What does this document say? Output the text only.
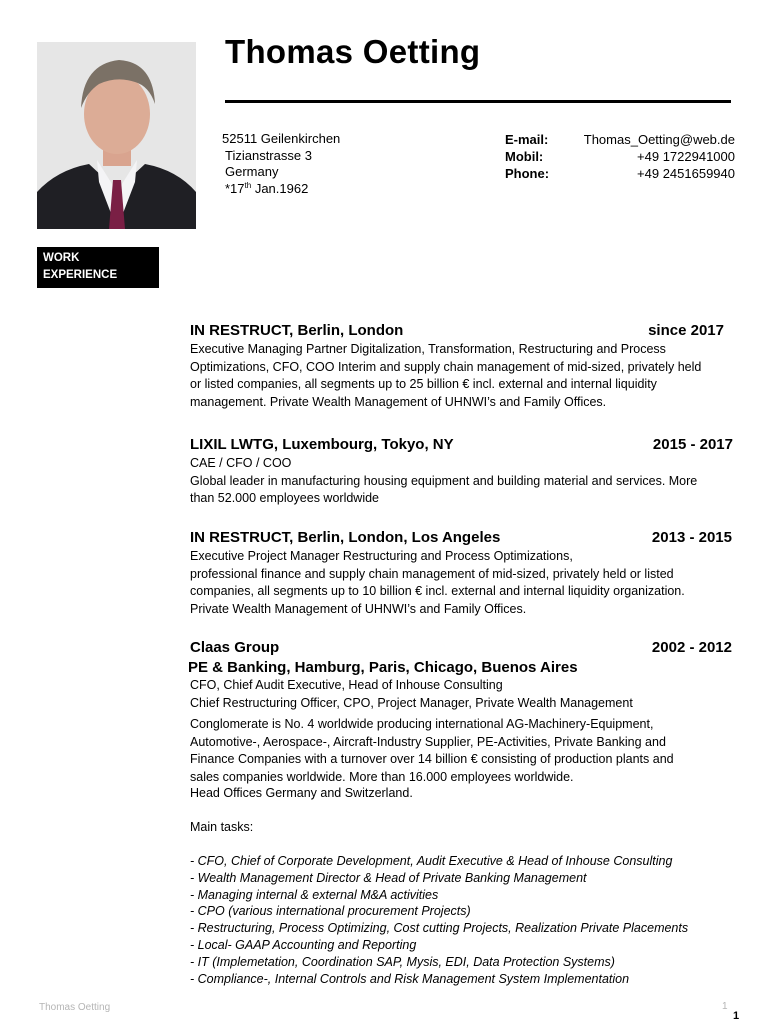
Thomas Oetting
52511 Geilenkirchen
Tizianstrasse 3
Germany
*17th Jan.1962
E-mail:	Thomas_Oetting@web.de
Mobil:	+49 1722941000
Phone:	+49 2451659940
WORK
EXPERIENCE
IN RESTRUCT, Berlin, London	since 2017

Executive Managing Partner Digitalization, Transformation, Restructuring and Process

Optimizations, CFO, COO Interim and supply chain management of mid-sized, privately held

or listed companies, all segments up to 25 billion € incl. external and internal liquidity

management. Private Wealth Management of UHNWI’s and Family Offices.

LIXIL LWTG, Luxembourg, Tokyo, NY	2015 - 2017

CAE / CFO / COO

Global leader in manufacturing housing equipment and building material and services. More

than 52.000 employees worldwide

IN RESTRUCT, Berlin, London, Los Angeles	2013 - 2015

Executive Project Manager Restructuring and Process Optimizations,

professional finance and supply chain management of mid-sized, privately held or listed

companies, all segments up to 10 billion € incl. external and internal liquidity organization.

Private Wealth Management of UHNWI’s and Family Offices.

Claas Group	2002 - 2012
PE & Banking, Hamburg, Paris, Chicago, Buenos Aires

CFO, Chief Audit Executive, Head of Inhouse Consulting

Chief Restructuring Officer, CPO, Project Manager, Private Wealth Management

Conglomerate is No. 4 worldwide producing international AG-Machinery-Equipment,

Automotive-, Aerospace-, Aircraft-Industry Supplier, PE-Activities, Private Banking and

Finance Companies with a turnover over 14 billion € consisting of production plants and

sales companies worldwide. More than 16.000 employees worldwide.

Head Offices Germany and Switzerland.

Main tasks:

- CFO, Chief of Corporate Development, Audit Executive & Head of Inhouse Consulting

- Wealth Management Director & Head of Private Banking Management

- Managing internal & external M&A activities

- CPO (various international procurement Projects)

- Restructuring, Process Optimizing, Cost cutting Projects, Realization Private Placements

- Local- GAAP Accounting and Reporting

- IT (Implemetation, Coordination SAP, Mysis, EDI, Data Protection Systems)

- Compliance-, Internal Controls and Risk Management System Implementation

Thomas Oetting	1
1
